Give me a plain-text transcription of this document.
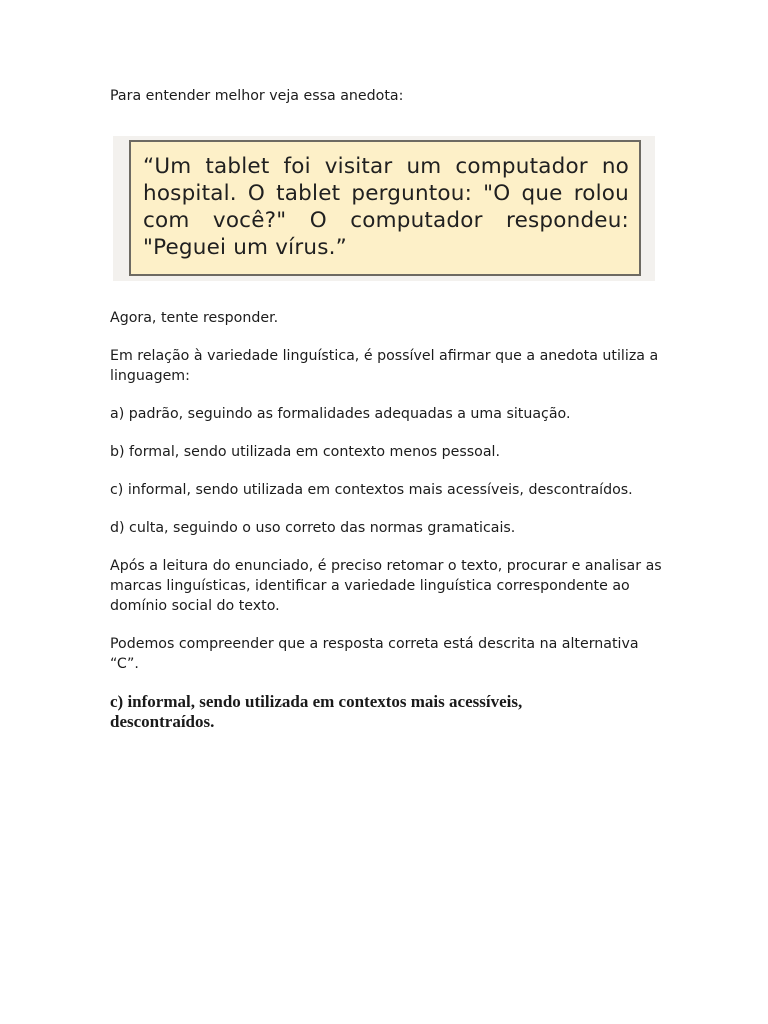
Para entender melhor veja essa anedota:

“Um tablet foi visitar um computador no hospital. O tablet perguntou: "O que rolou com você?" O computador respondeu: "Peguei um vírus.”

Agora, tente responder.

Em relação à variedade linguística, é possível afirmar que a anedota utiliza a linguagem:

a) padrão, seguindo as formalidades adequadas a uma situação.

b) formal, sendo utilizada em contexto menos pessoal.

c) informal, sendo utilizada em contextos mais acessíveis, descontraídos.

d) culta, seguindo o uso correto das normas gramaticais.

Após a leitura do enunciado, é preciso retomar o texto, procurar e analisar as marcas linguísticas, identificar a variedade linguística correspondente ao domínio social do texto.

Podemos compreender que a resposta correta está descrita na alternativa “C”.

c) informal, sendo utilizada em contextos mais acessíveis, descontraídos.
